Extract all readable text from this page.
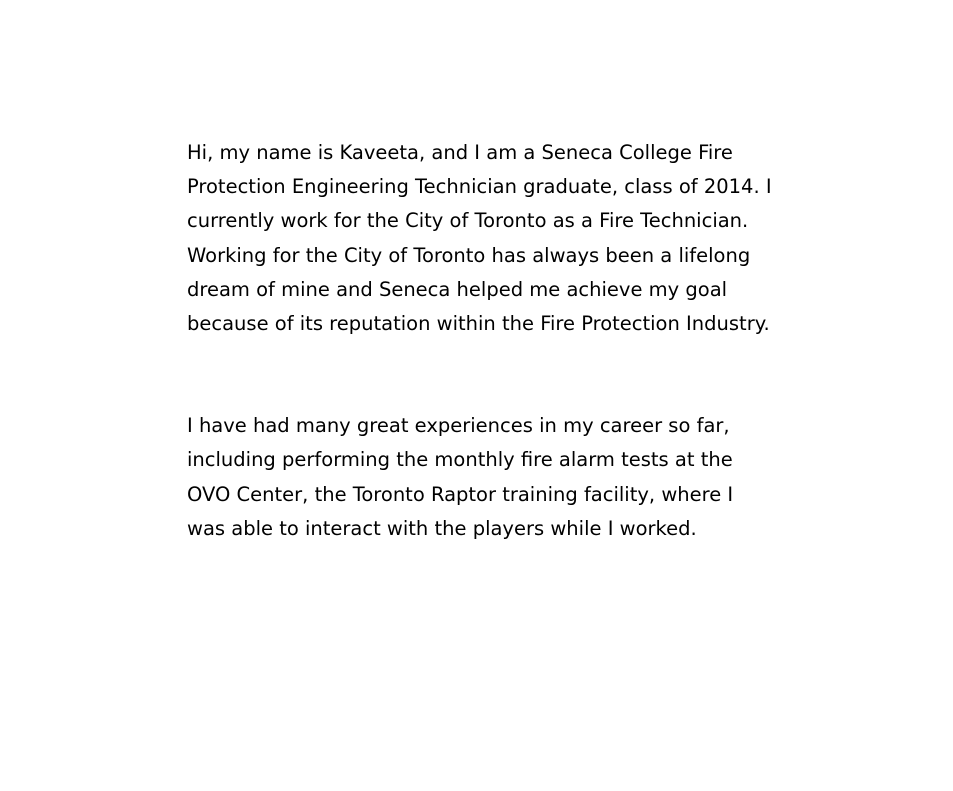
Hi, my name is Kaveeta, and I am a Seneca College Fire Protection Engineering Technician graduate, class of 2014. I currently work for the City of Toronto as a Fire Technician. Working for the City of Toronto has always been a lifelong dream of mine and Seneca helped me achieve my goal because of its reputation within the Fire Protection Industry.

I have had many great experiences in my career so far, including performing the monthly fire alarm tests at the OVO Center, the Toronto Raptor training facility, where I was able to interact with the players while I worked.
